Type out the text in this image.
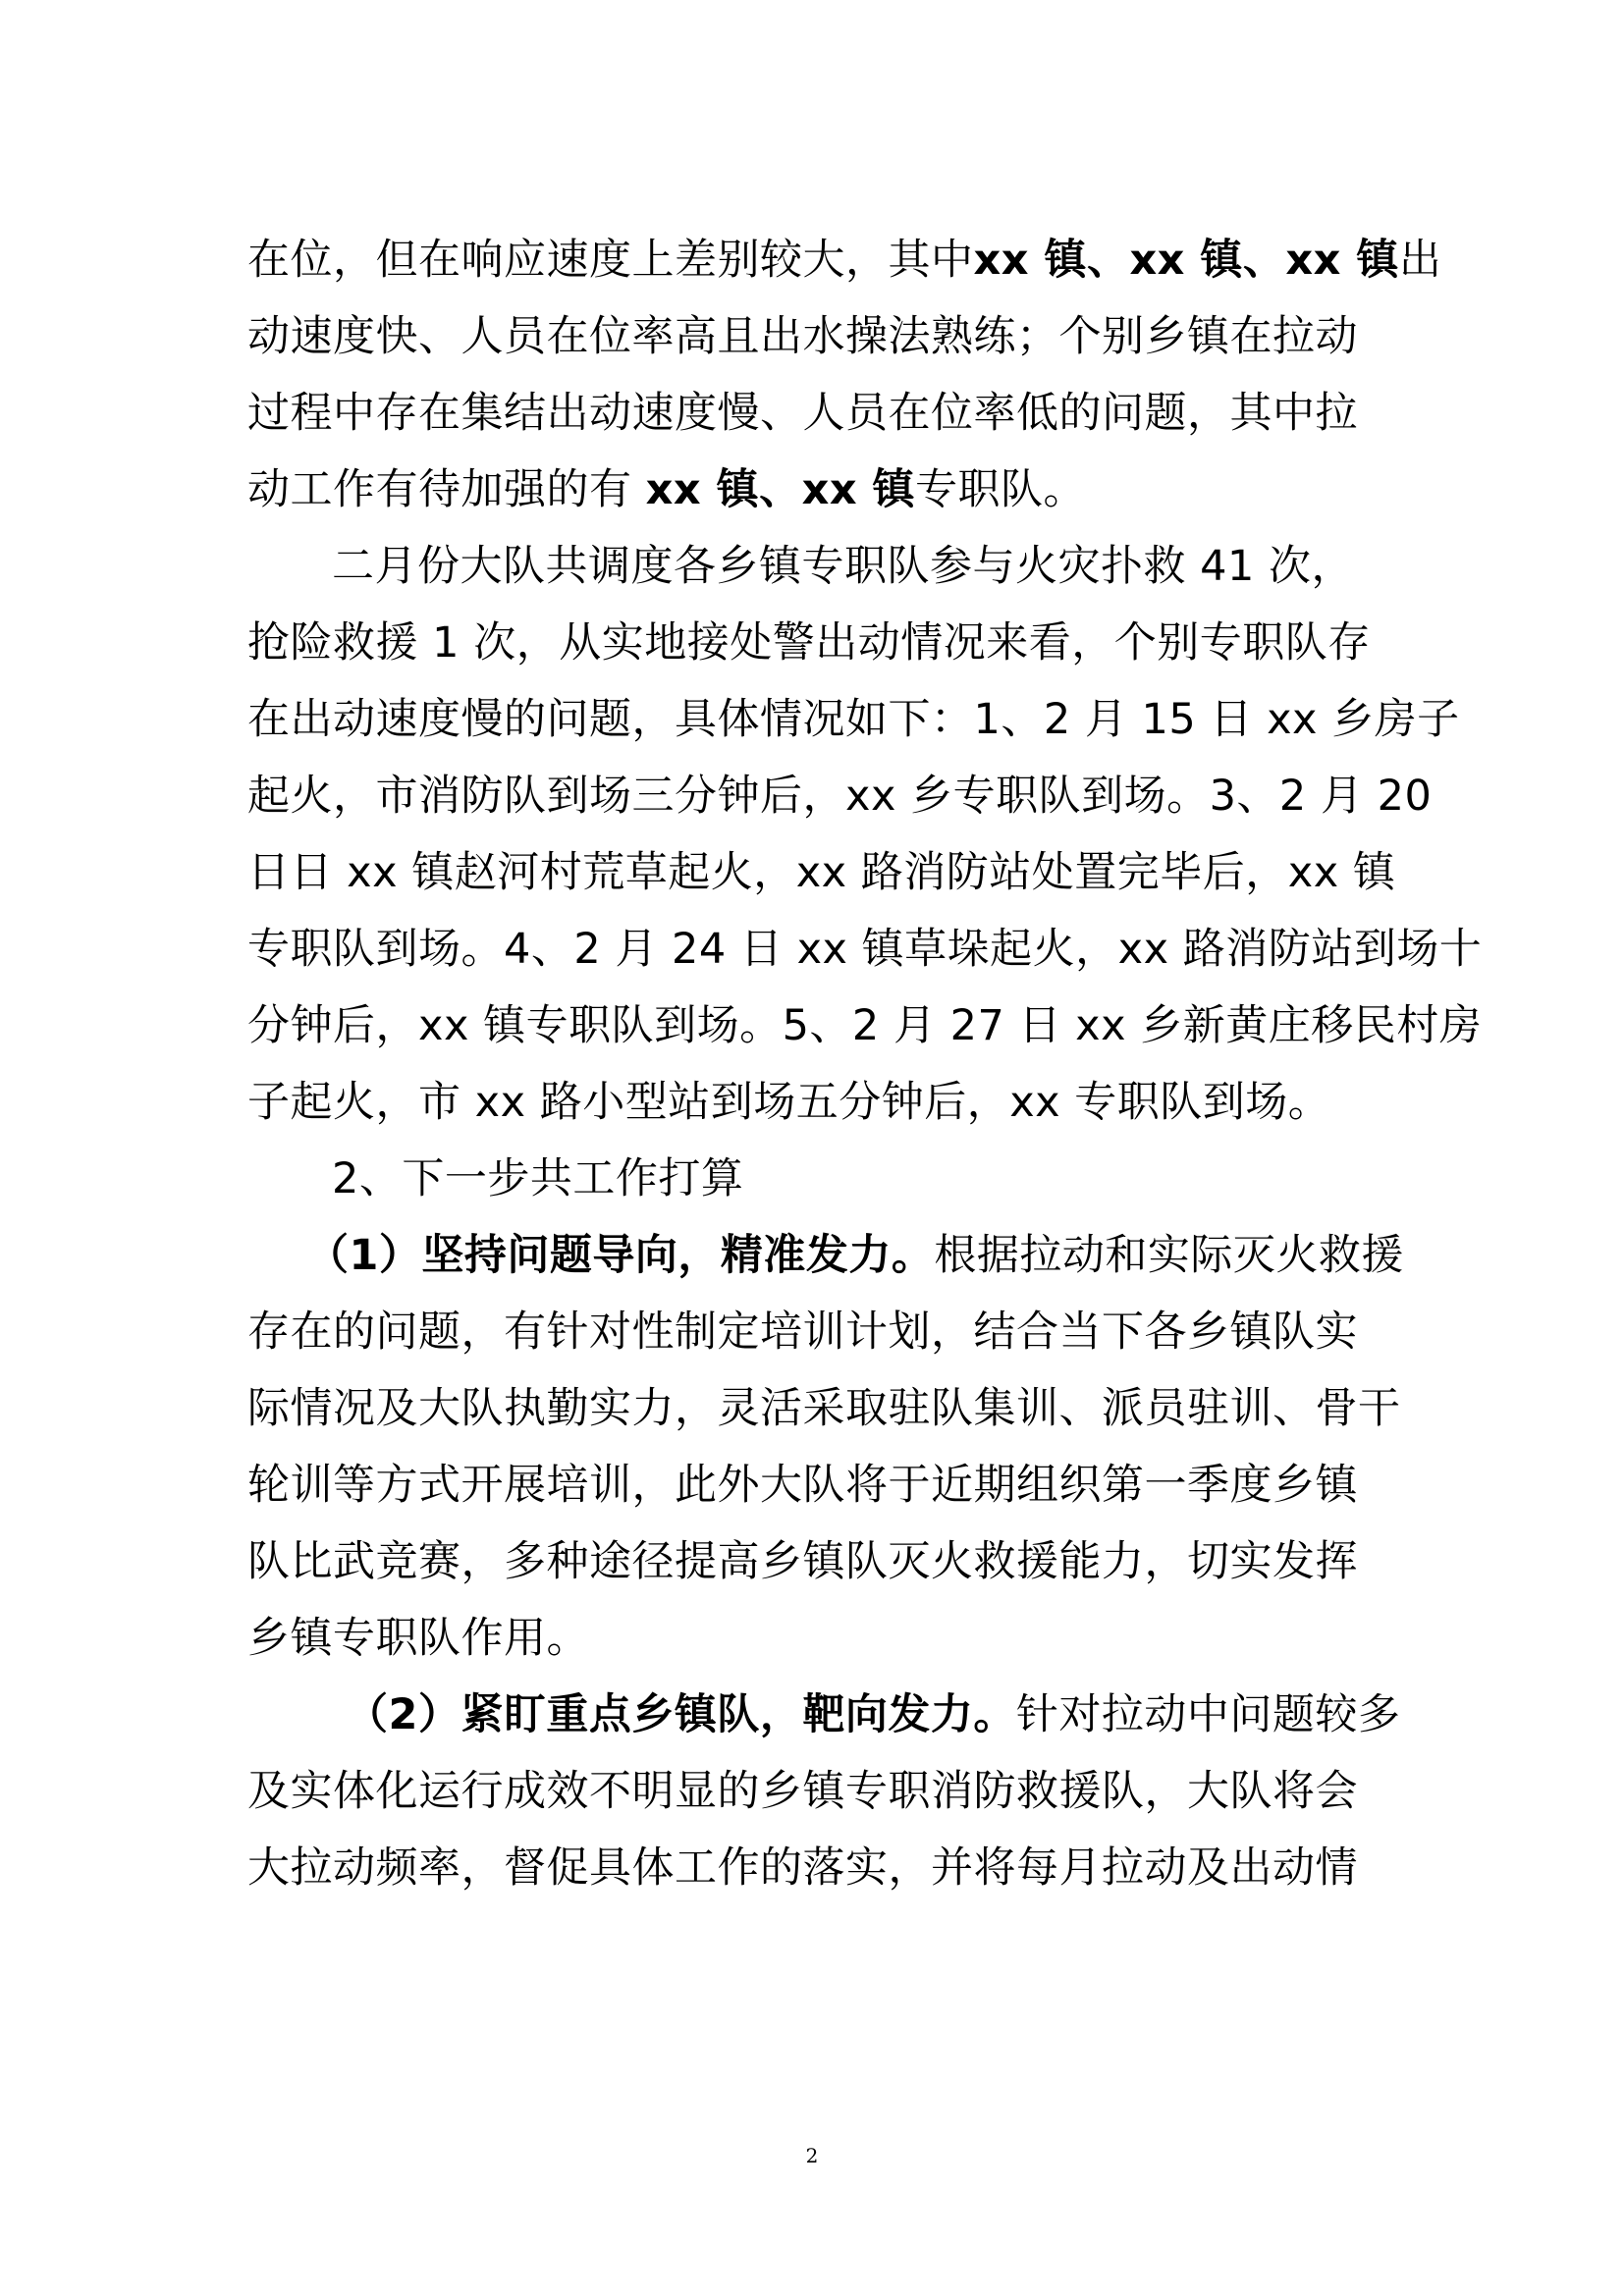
在位，但在响应速度上差别较大，其中xx 镇、xx 镇、xx 镇出
动速度快、人员在位率高且出水操法熟练；个别乡镇在拉动
过程中存在集结出动速度慢、人员在位率低的问题，其中拉
动工作有待加强的有 xx 镇、xx 镇专职队。
二月份大队共调度各乡镇专职队参与火灾扑救 41 次，
抢险救援 1 次，从实地接处警出动情况来看，个别专职队存
在出动速度慢的问题，具体情况如下：1、2 月 15 日 xx 乡房子
起火，市消防队到场三分钟后，xx 乡专职队到场。3、2 月 20
日日 xx 镇赵河村荒草起火，xx 路消防站处置完毕后，xx 镇
专职队到场。4、2 月 24 日 xx 镇草垛起火，xx 路消防站到场十
分钟后，xx 镇专职队到场。5、2 月 27 日 xx 乡新黄庄移民村房
子起火，市 xx 路小型站到场五分钟后，xx 专职队到场。
2、下一步共工作打算
（1）坚持问题导向，精准发力。根据拉动和实际灭火救援
存在的问题，有针对性制定培训计划，结合当下各乡镇队实
际情况及大队执勤实力，灵活采取驻队集训、派员驻训、骨干
轮训等方式开展培训，此外大队将于近期组织第一季度乡镇
队比武竞赛，多种途径提高乡镇队灭火救援能力，切实发挥
乡镇专职队作用。
（2）紧盯重点乡镇队，靶向发力。针对拉动中问题较多
及实体化运行成效不明显的乡镇专职消防救援队，大队将会
大拉动频率，督促具体工作的落实，并将每月拉动及出动情
2
